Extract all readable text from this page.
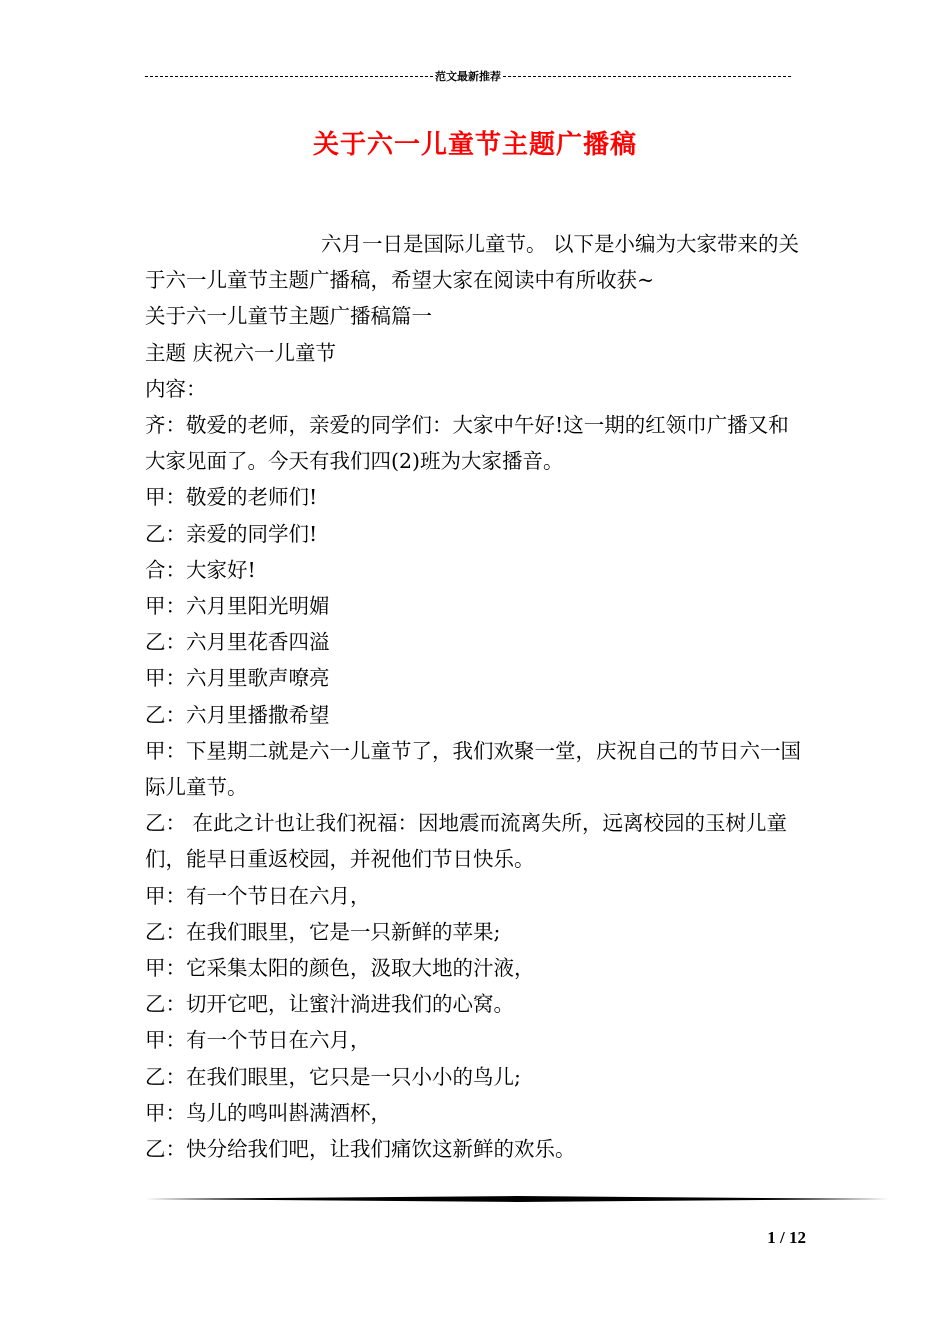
范文最新推荐
关于六一儿童节主题广播稿

六月一日是国际儿童节。 以下是小编为大家带来的关于六一儿童节主题广播稿，希望大家在阅读中有所收获~

关于六一儿童节主题广播稿篇一

主题 庆祝六一儿童节

内容：

齐：敬爱的老师，亲爱的同学们：大家中午好!这一期的红领巾广播又和大家见面了。今天有我们四(2)班为大家播音。

甲：敬爱的老师们!

乙：亲爱的同学们!

合：大家好!

甲：六月里阳光明媚

乙：六月里花香四溢

甲：六月里歌声嘹亮

乙：六月里播撒希望

甲：下星期二就是六一儿童节了，我们欢聚一堂，庆祝自己的节日六一国际儿童节。

乙： 在此之计也让我们祝福：因地震而流离失所，远离校园的玉树儿童们，能早日重返校园，并祝他们节日快乐。

甲：有一个节日在六月，

乙：在我们眼里，它是一只新鲜的苹果;

甲：它采集太阳的颜色，汲取大地的汁液，

乙：切开它吧，让蜜汁淌进我们的心窝。

甲：有一个节日在六月，

乙：在我们眼里，它只是一只小小的鸟儿;

甲：鸟儿的鸣叫斟满酒杯，

乙：快分给我们吧，让我们痛饮这新鲜的欢乐。

1 / 12
